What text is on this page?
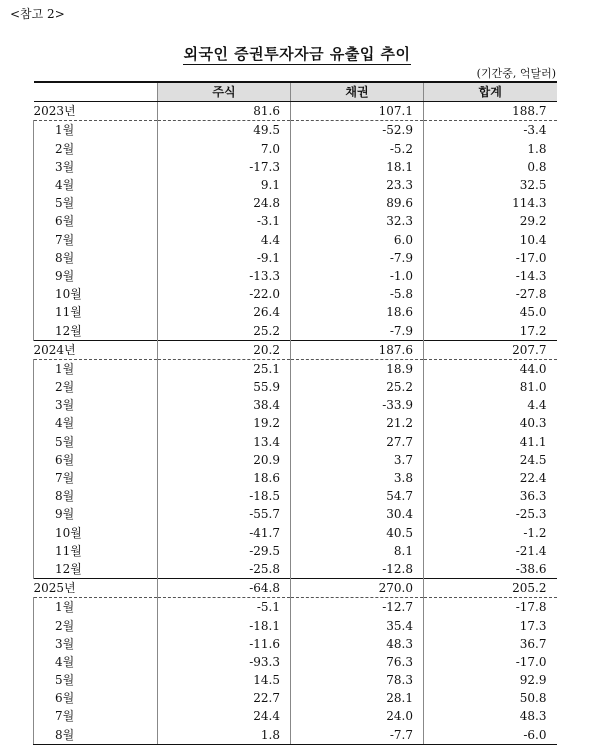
<참고 2>
외국인 증권투자자금 유출입 추이
(기간중, 억달러)
	주식	채권	합계
2023년	81.6	107.1	188.7
1월	49.5	-52.9	-3.4
2월	7.0	-5.2	1.8
3월	-17.3	18.1	0.8
4월	9.1	23.3	32.5
5월	24.8	89.6	114.3
6월	-3.1	32.3	29.2
7월	4.4	6.0	10.4
8월	-9.1	-7.9	-17.0
9월	-13.3	-1.0	-14.3
10월	-22.0	-5.8	-27.8
11월	26.4	18.6	45.0
12월	25.2	-7.9	17.2
2024년	20.2	187.6	207.7
1월	25.1	18.9	44.0
2월	55.9	25.2	81.0
3월	38.4	-33.9	4.4
4월	19.2	21.2	40.3
5월	13.4	27.7	41.1
6월	20.9	3.7	24.5
7월	18.6	3.8	22.4
8월	-18.5	54.7	36.3
9월	-55.7	30.4	-25.3
10월	-41.7	40.5	-1.2
11월	-29.5	8.1	-21.4
12월	-25.8	-12.8	-38.6
2025년	-64.8	270.0	205.2
1월	-5.1	-12.7	-17.8
2월	-18.1	35.4	17.3
3월	-11.6	48.3	36.7
4월	-93.3	76.3	-17.0
5월	14.5	78.3	92.9
6월	22.7	28.1	50.8
7월	24.4	24.0	48.3
8월	1.8	-7.7	-6.0
